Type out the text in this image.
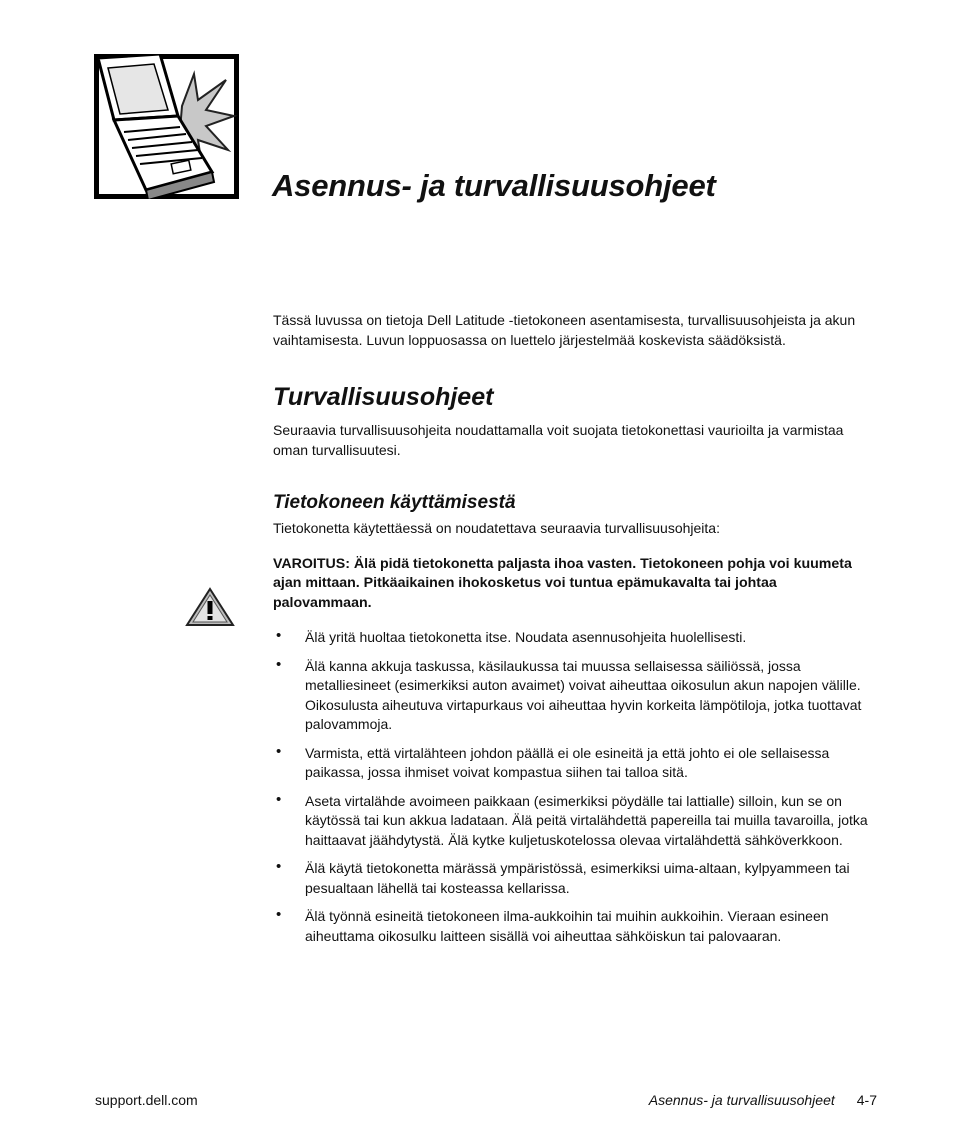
Asennus- ja turvallisuusohjeet

Tässä luvussa on tietoja Dell Latitude -tietokoneen asentamisesta, turvallisuusohjeista ja akun vaihtamisesta. Luvun loppuosassa on luettelo järjestelmää koskevista säädöksistä.

Turvallisuusohjeet

Seuraavia turvallisuusohjeita noudattamalla voit suojata tietokonettasi vaurioilta ja varmistaa oman turvallisuutesi.

Tietokoneen käyttämisestä

Tietokonetta käytettäessä on noudatettava seuraavia turvallisuusohjeita:

VAROITUS: Älä pidä tietokonetta paljasta ihoa vasten. Tietokoneen pohja voi kuumeta ajan mittaan. Pitkäaikainen ihokosketus voi tuntua epämukavalta tai johtaa palovammaan.

• Älä yritä huoltaa tietokonetta itse. Noudata asennusohjeita huolellisesti.
• Älä kanna akkuja taskussa, käsilaukussa tai muussa sellaisessa säiliössä, jossa metalliesineet (esimerkiksi auton avaimet) voivat aiheuttaa oikosulun akun napojen välille. Oikosulusta aiheutuva virtapurkaus voi aiheuttaa hyvin korkeita lämpötiloja, jotka tuottavat palovammoja.
• Varmista, että virtalähteen johdon päällä ei ole esineitä ja että johto ei ole sellaisessa paikassa, jossa ihmiset voivat kompastua siihen tai talloa sitä.
• Aseta virtalähde avoimeen paikkaan (esimerkiksi pöydälle tai lattialle) silloin, kun se on käytössä tai kun akkua ladataan. Älä peitä virtalähdettä papereilla tai muilla tavaroilla, jotka haittaavat jäähdytystä. Älä kytke kuljetuskotelossa olevaa virtalähdettä sähköverkkoon.
• Älä käytä tietokonetta märässä ympäristössä, esimerkiksi uima-altaan, kylpyammeen tai pesualtaan lähellä tai kosteassa kellarissa.
• Älä työnnä esineitä tietokoneen ilma-aukkoihin tai muihin aukkoihin. Vieraan esineen aiheuttama oikosulku laitteen sisällä voi aiheuttaa sähköiskun tai palovaaran.
support.dell.com	Asennus- ja turvallisuusohjeet 4-7
